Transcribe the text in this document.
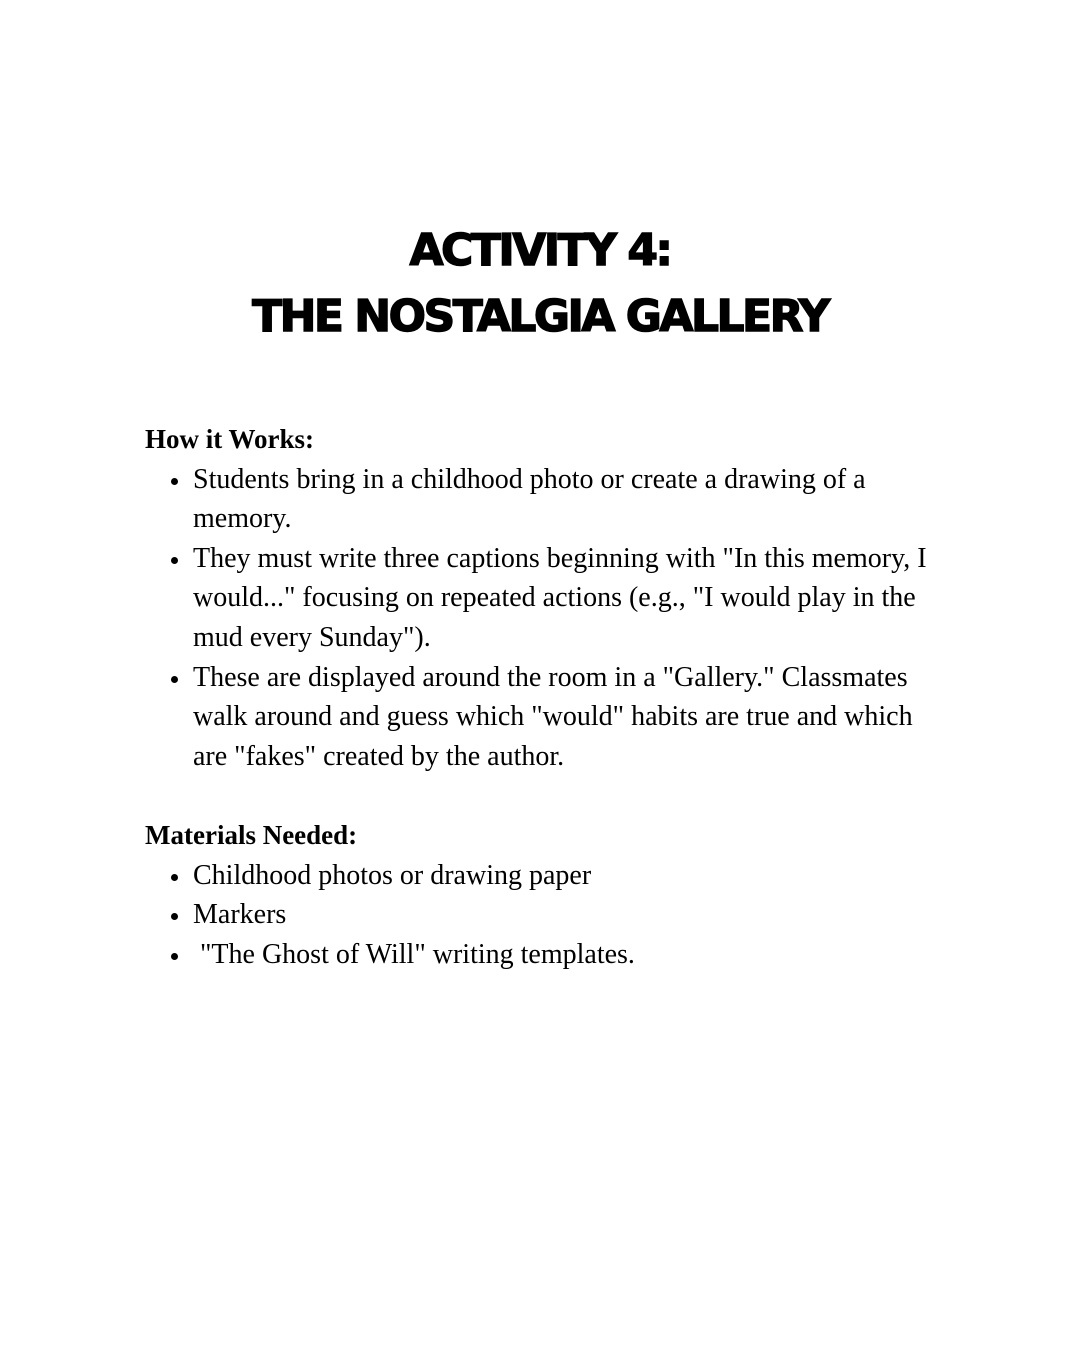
ACTIVITY 4:
THE NOSTALGIA GALLERY

How it Works:

Students bring in a childhood photo or create a drawing of a memory.
They must write three captions beginning with "In this memory, I would..." focusing on repeated actions (e.g., "I would play in the mud every Sunday").
These are displayed around the room in a "Gallery." Classmates walk around and guess which "would" habits are true and which are "fakes" created by the author.

Materials Needed:

Childhood photos or drawing paper
Markers
"The Ghost of Will" writing templates.
